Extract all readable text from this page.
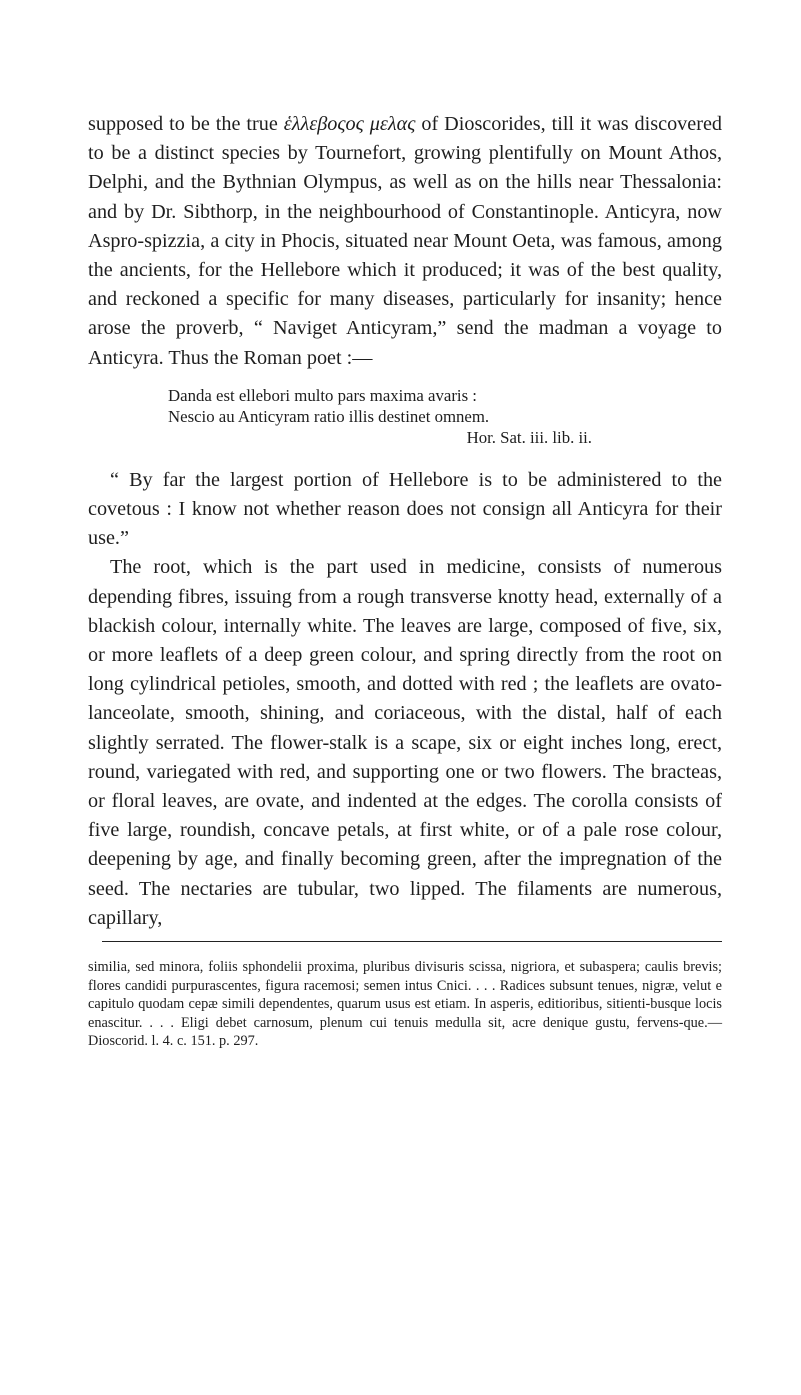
supposed to be the true ἑλλεβοςος μελας of Dioscorides, till it was discovered to be a distinct species by Tournefort, growing plentifully on Mount Athos, Delphi, and the Bythnian Olympus, as well as on the hills near Thessalonia: and by Dr. Sibthorp, in the neighbourhood of Constantinople. Anticyra, now Aspro-spizzia, a city in Phocis, situated near Mount Oeta, was famous, among the ancients, for the Hellebore which it produced; it was of the best quality, and reckoned a specific for many diseases, particularly for insanity; hence arose the proverb, “ Naviget Anticyram,” send the madman a voyage to Anticyra. Thus the Roman poet :—

Danda est ellebori multo pars maxima avaris :
Nescio au Anticyram ratio illis destinet omnem.
Hor. Sat. iii. lib. ii.

“ By far the largest portion of Hellebore is to be administered to the covetous : I know not whether reason does not consign all Anticyra for their use.”

The root, which is the part used in medicine, consists of numerous depending fibres, issuing from a rough transverse knotty head, externally of a blackish colour, internally white. The leaves are large, composed of five, six, or more leaflets of a deep green colour, and spring directly from the root on long cylindrical petioles, smooth, and dotted with red ; the leaflets are ovato-lanceolate, smooth, shining, and coriaceous, with the distal, half of each slightly serrated. The flower-stalk is a scape, six or eight inches long, erect, round, variegated with red, and supporting one or two flowers. The bracteas, or floral leaves, are ovate, and indented at the edges. The corolla consists of five large, roundish, concave petals, at first white, or of a pale rose colour, deepening by age, and finally becoming green, after the impregnation of the seed. The nectaries are tubular, two lipped. The filaments are numerous, capillary,

similia, sed minora, foliis sphondelii proxima, pluribus divisuris scissa, nigriora, et subaspera; caulis brevis; flores candidi purpurascentes, figura racemosi; semen intus Cnici. . . . Radices subsunt tenues, nigræ, velut e capitulo quodam cepæ simili dependentes, quarum usus est etiam. In asperis, editioribus, sitienti-busque locis enascitur. . . . Eligi debet carnosum, plenum cui tenuis medulla sit, acre denique gustu, fervens-que.—Dioscorid. l. 4. c. 151. p. 297.
